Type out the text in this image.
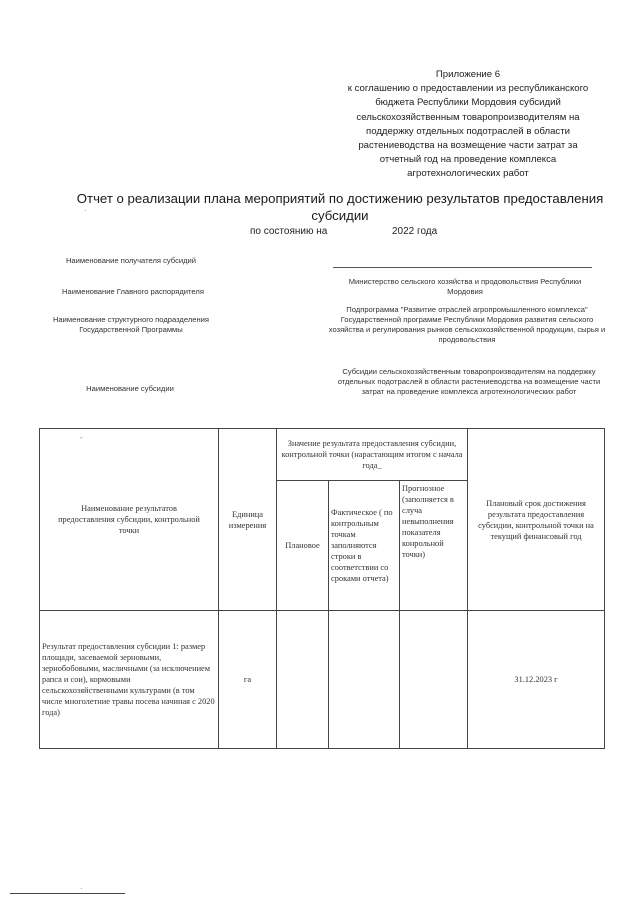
Приложение 6
к соглашению о предоставлении из республиканского
бюджета Республики Мордовия субсидий
сельскохозяйственным товаропроизводителям на
поддержку отдельных подотраслей в области
растениеводства на возмещение части затрат за
отчетный год на проведение комплекса
агротехнологических работ
Отчет о реализации плана мероприятий по достижению результатов предоставления
субсидии
·
по состоянию на	2022 года
Наименование получателя субсидий
Наименование Главного распорядителя
Министерство сельского хозяйства и продовольствия Республики Мордовия
Наименование структурного подразделения Государственной Программы
Подпрограмма "Развитие отраслей агропромышленного комплекса" Государственной программе Республики Мордовия развития сельского хозяйства и регулирования рынков сельскохозяйственной продукции, сырья и продовольствия
Наименование субсидии
Субсидии сельскохозяйственным товаропроизводителям на поддержку отдельных подотраслей в области растениеводства на возмещение части затрат на проведение комплекса агротехнологических работ
Наименование результатов предоставления субсидии, контрольной точки	Единица измерения	Значение результата предоставления субсидии, контрольной точки (нарастающим итогом с начала года_			Плановый срок достижения результата предоставления субсидии, контрольной точки на текущий финансовый год

		Плановое	Фактическое ( по контрольным точкам заполняются строки в соответствии со сроками отчета)	Прогнозное (заполняется в случа невыполнения показателя конрольной точки)	

Результат предоставления субсидии 1: размер площади, засеваемой зерновыми, зернобобовыми, масличными (за исключением рапса и сои), кормовыми сельскохозяйственными культурами (в том числе многолетние травы посева начиная с 2020 года)	га				31.12.2023 г
-
·
